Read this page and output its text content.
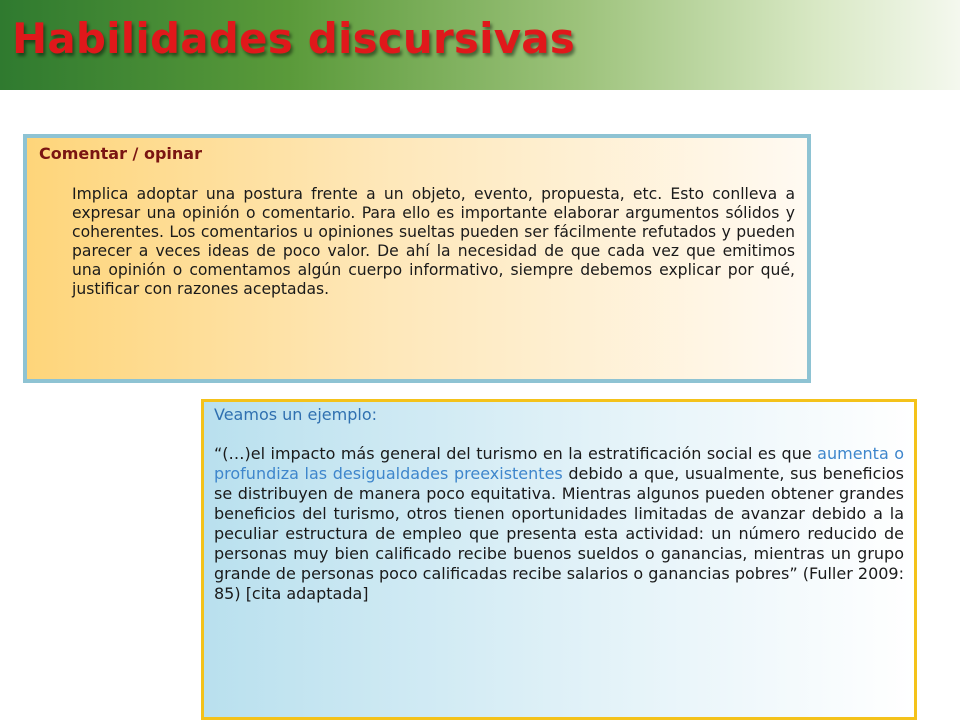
Habilidades discursivas
Comentar / opinar

Implica adoptar una postura frente a un objeto, evento, propuesta, etc. Esto conlleva a expresar una opinión o comentario. Para ello es importante elaborar argumentos sólidos y coherentes. Los comentarios u opiniones sueltas pueden ser fácilmente refutados y pueden parecer a veces ideas de poco valor. De ahí la necesidad de que cada vez que emitimos una opinión o comentamos algún cuerpo informativo, siempre debemos explicar por qué, justificar con razones aceptadas.

Veamos un ejemplo:

“(…)el impacto más general del turismo en la estratificación social es que aumenta o profundiza las desigualdades preexistentes debido a que, usualmente, sus beneficios se distribuyen de manera poco equitativa. Mientras algunos pueden obtener grandes beneficios del turismo, otros tienen oportunidades limitadas de avanzar debido a la peculiar estructura de empleo que presenta esta actividad: un número reducido de personas muy bien calificado recibe buenos sueldos o ganancias, mientras un grupo grande de personas poco calificadas recibe salarios o ganancias pobres” (Fuller 2009: 85) [cita adaptada]
